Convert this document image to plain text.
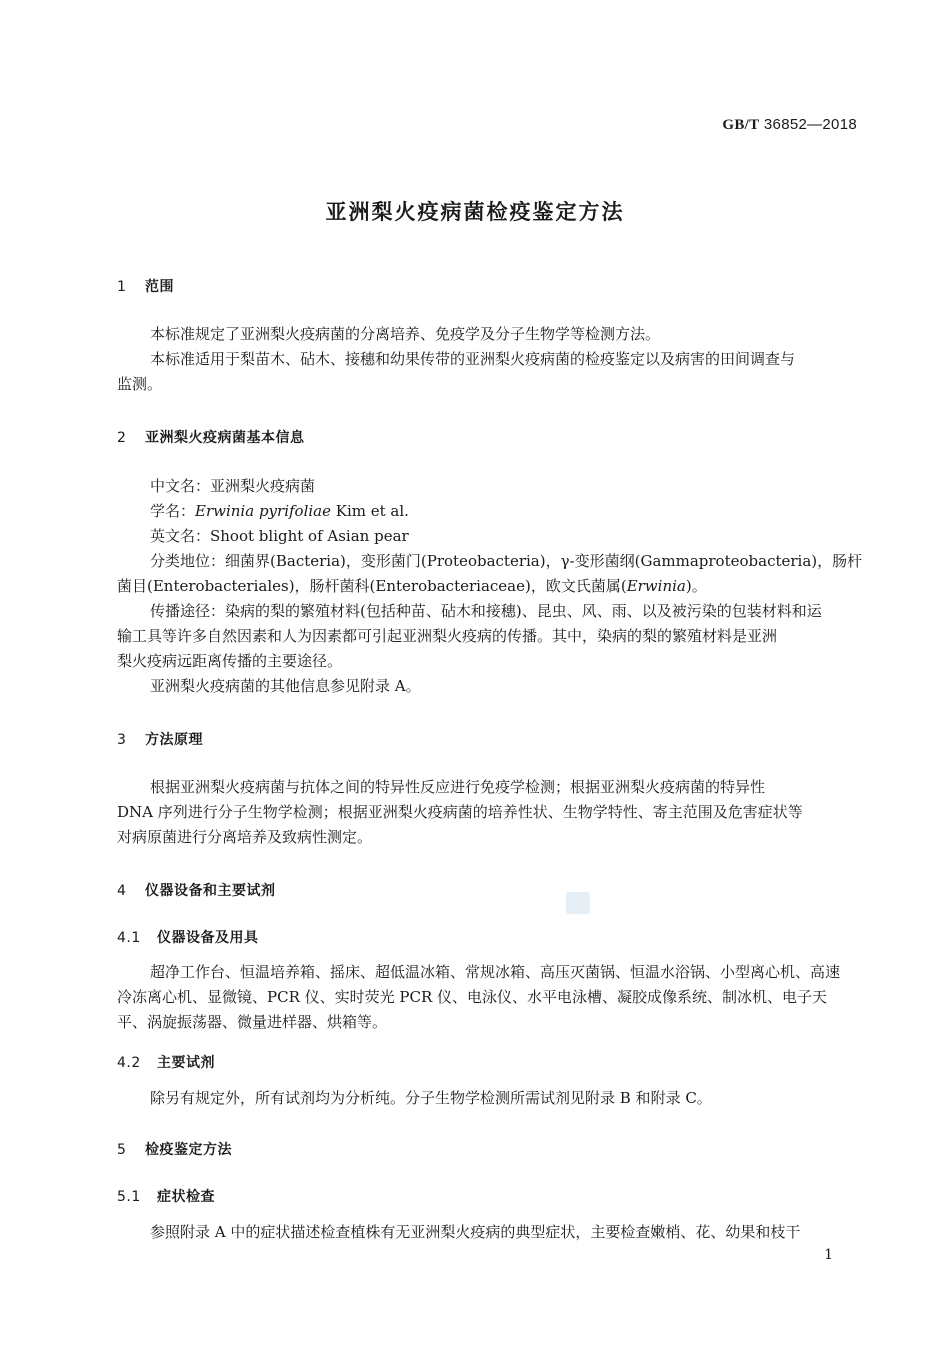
GB/T 36852—2018
亚洲梨火疫病菌检疫鉴定方法
1 范围
本标准规定了亚洲梨火疫病菌的分离培养、免疫学及分子生物学等检测方法。
本标准适用于梨苗木、砧木、接穗和幼果传带的亚洲梨火疫病菌的检疫鉴定以及病害的田间调查与
监测。
2 亚洲梨火疫病菌基本信息
中文名：亚洲梨火疫病菌
学名：Erwinia pyrifoliae Kim et al.
英文名：Shoot blight of Asian pear
分类地位：细菌界(Bacteria)，变形菌门(Proteobacteria)，γ-变形菌纲(Gammaproteobacteria)，肠杆
菌目(Enterobacteriales)，肠杆菌科(Enterobacteriaceae)，欧文氏菌属(Erwinia)。
传播途径：染病的梨的繁殖材料(包括种苗、砧木和接穗)、昆虫、风、雨、以及被污染的包装材料和运
输工具等许多自然因素和人为因素都可引起亚洲梨火疫病的传播。其中，染病的梨的繁殖材料是亚洲
梨火疫病远距离传播的主要途径。
亚洲梨火疫病菌的其他信息参见附录 A。
3 方法原理
根据亚洲梨火疫病菌与抗体之间的特异性反应进行免疫学检测；根据亚洲梨火疫病菌的特异性
DNA 序列进行分子生物学检测；根据亚洲梨火疫病菌的培养性状、生物学特性、寄主范围及危害症状等
对病原菌进行分离培养及致病性测定。
4 仪器设备和主要试剂
4.1 仪器设备及用具
超净工作台、恒温培养箱、摇床、超低温冰箱、常规冰箱、高压灭菌锅、恒温水浴锅、小型离心机、高速
冷冻离心机、显微镜、PCR 仪、实时荧光 PCR 仪、电泳仪、水平电泳槽、凝胶成像系统、制冰机、电子天
平、涡旋振荡器、微量进样器、烘箱等。
4.2 主要试剂
除另有规定外，所有试剂均为分析纯。分子生物学检测所需试剂见附录 B 和附录 C。
5 检疫鉴定方法
5.1 症状检查
参照附录 A 中的症状描述检查植株有无亚洲梨火疫病的典型症状，主要检查嫩梢、花、幼果和枝干
1
